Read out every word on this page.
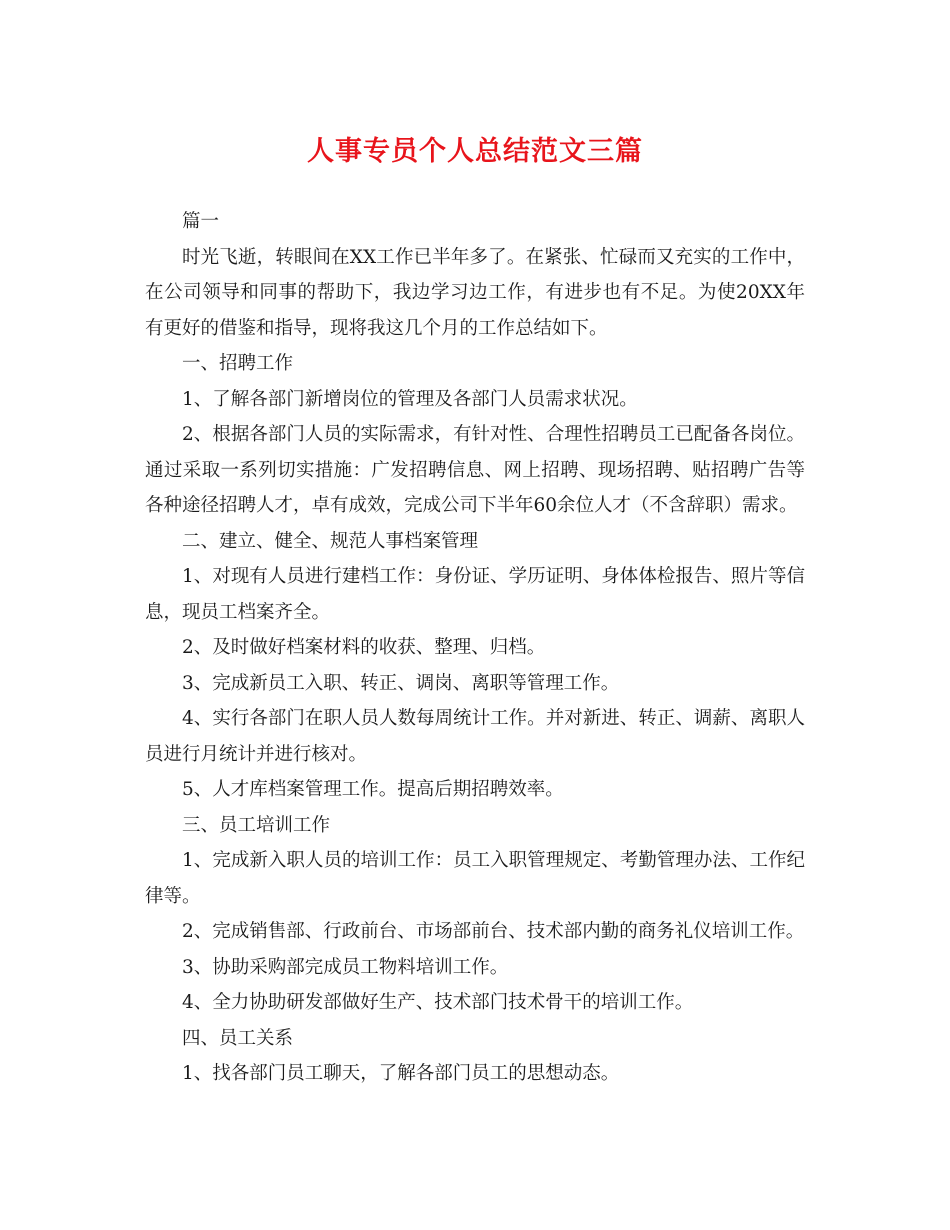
人事专员个人总结范文三篇

篇一

时光飞逝，转眼间在XX工作已半年多了。在紧张、忙碌而又充实的工作中，在公司领导和同事的帮助下，我边学习边工作，有进步也有不足。为使20XX年有更好的借鉴和指导，现将我这几个月的工作总结如下。

一、招聘工作

1、了解各部门新增岗位的管理及各部门人员需求状况。

2、根据各部门人员的实际需求，有针对性、合理性招聘员工已配备各岗位。通过采取一系列切实措施：广发招聘信息、网上招聘、现场招聘、贴招聘广告等各种途径招聘人才，卓有成效，完成公司下半年60余位人才（不含辞职）需求。

二、建立、健全、规范人事档案管理

1、对现有人员进行建档工作：身份证、学历证明、身体体检报告、照片等信息，现员工档案齐全。

2、及时做好档案材料的收获、整理、归档。

3、完成新员工入职、转正、调岗、离职等管理工作。

4、实行各部门在职人员人数每周统计工作。并对新进、转正、调薪、离职人员进行月统计并进行核对。

5、人才库档案管理工作。提高后期招聘效率。

三、员工培训工作

1、完成新入职人员的培训工作：员工入职管理规定、考勤管理办法、工作纪律等。

2、完成销售部、行政前台、市场部前台、技术部内勤的商务礼仪培训工作。

3、协助采购部完成员工物料培训工作。

4、全力协助研发部做好生产、技术部门技术骨干的培训工作。

四、员工关系

1、找各部门员工聊天，了解各部门员工的思想动态。
